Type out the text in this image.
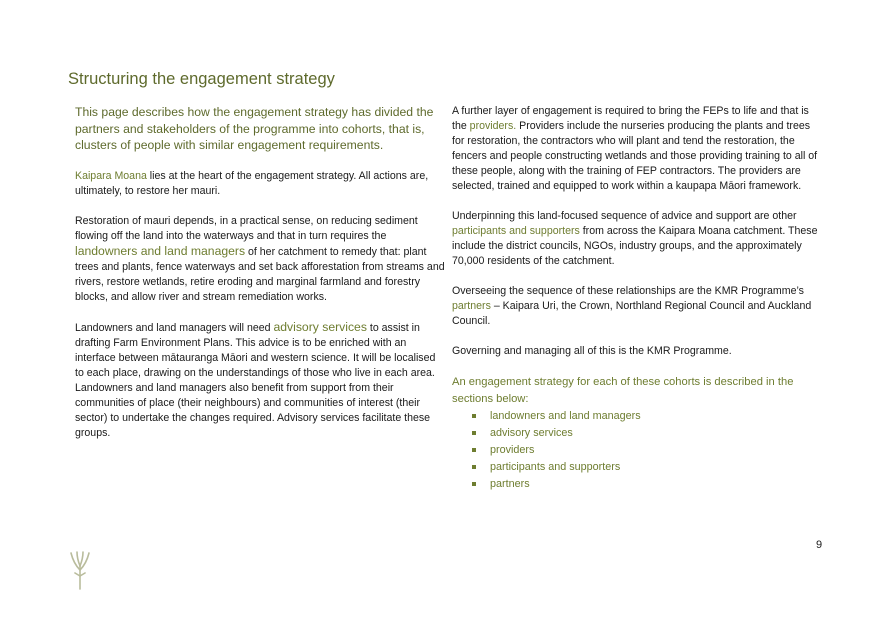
Structuring the engagement strategy

This page describes how the engagement strategy has divided the partners and stakeholders of the programme into cohorts, that is, clusters of people with similar engagement requirements.

Kaipara Moana lies at the heart of the engagement strategy. All actions are, ultimately, to restore her mauri.

Restoration of mauri depends, in a practical sense, on reducing sediment flowing off the land into the waterways and that in turn requires the landowners and land managers of her catchment to remedy that: plant trees and plants, fence waterways and set back afforestation from streams and rivers, restore wetlands, retire eroding and marginal farmland and forestry blocks, and allow river and stream remediation works.

Landowners and land managers will need advisory services to assist in drafting Farm Environment Plans. This advice is to be enriched with an interface between mātauranga Māori and western science. It will be localised to each place, drawing on the understandings of those who live in each area. Landowners and land managers also benefit from support from their communities of place (their neighbours) and communities of interest (their sector) to undertake the changes required. Advisory services facilitate these groups.

A further layer of engagement is required to bring the FEPs to life and that is the providers. Providers include the nurseries producing the plants and trees for restoration, the contractors who will plant and tend the restoration, the fencers and people constructing wetlands and those providing training to all of these people, along with the training of FEP contractors. The providers are selected, trained and equipped to work within a kaupapa Māori framework.

Underpinning this land-focused sequence of advice and support are other participants and supporters from across the Kaipara Moana catchment. These include the district councils, NGOs, industry groups, and the approximately 70,000 residents of the catchment.

Overseeing the sequence of these relationships are the KMR Programme’s partners – Kaipara Uri, the Crown, Northland Regional Council and Auckland Council.

Governing and managing all of this is the KMR Programme.

An engagement strategy for each of these cohorts is described in the sections below:

landowners and land managers
advisory services
providers
participants and supporters
partners
9
